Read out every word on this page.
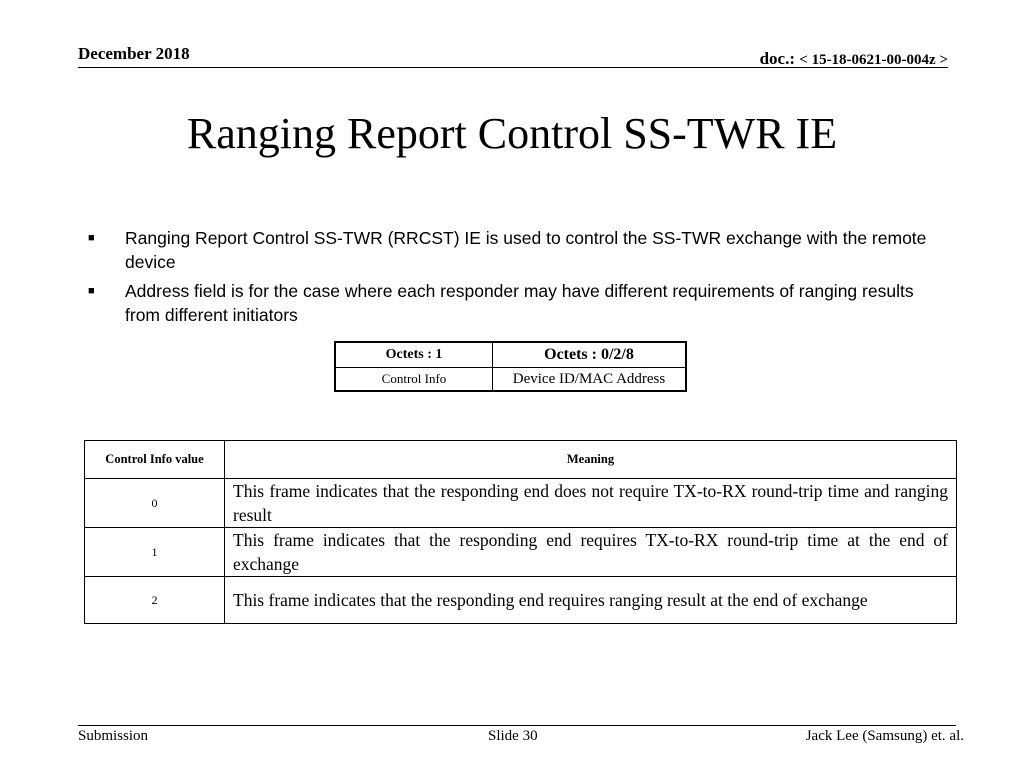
December 2018	doc.: < 15-18-0621-00-004z >
Ranging Report Control SS-TWR IE
■ Ranging Report Control SS-TWR (RRCST) IE is used to control the SS-TWR exchange with the remote device
■ Address field is for the case where each responder may have different requirements of ranging results from different initiators
Octets : 1	Octets : 0/2/8
Control Info	Device ID/MAC Address
Control Info value	Meaning
0	This frame indicates that the responding end does not require TX-to-RX round-trip time and ranging result
1	This frame indicates that the responding end requires TX-to-RX round-trip time at the end of exchange
2	This frame indicates that the responding end requires ranging result at the end of exchange
Submission	Slide 30	Jack Lee (Samsung) et. al.
